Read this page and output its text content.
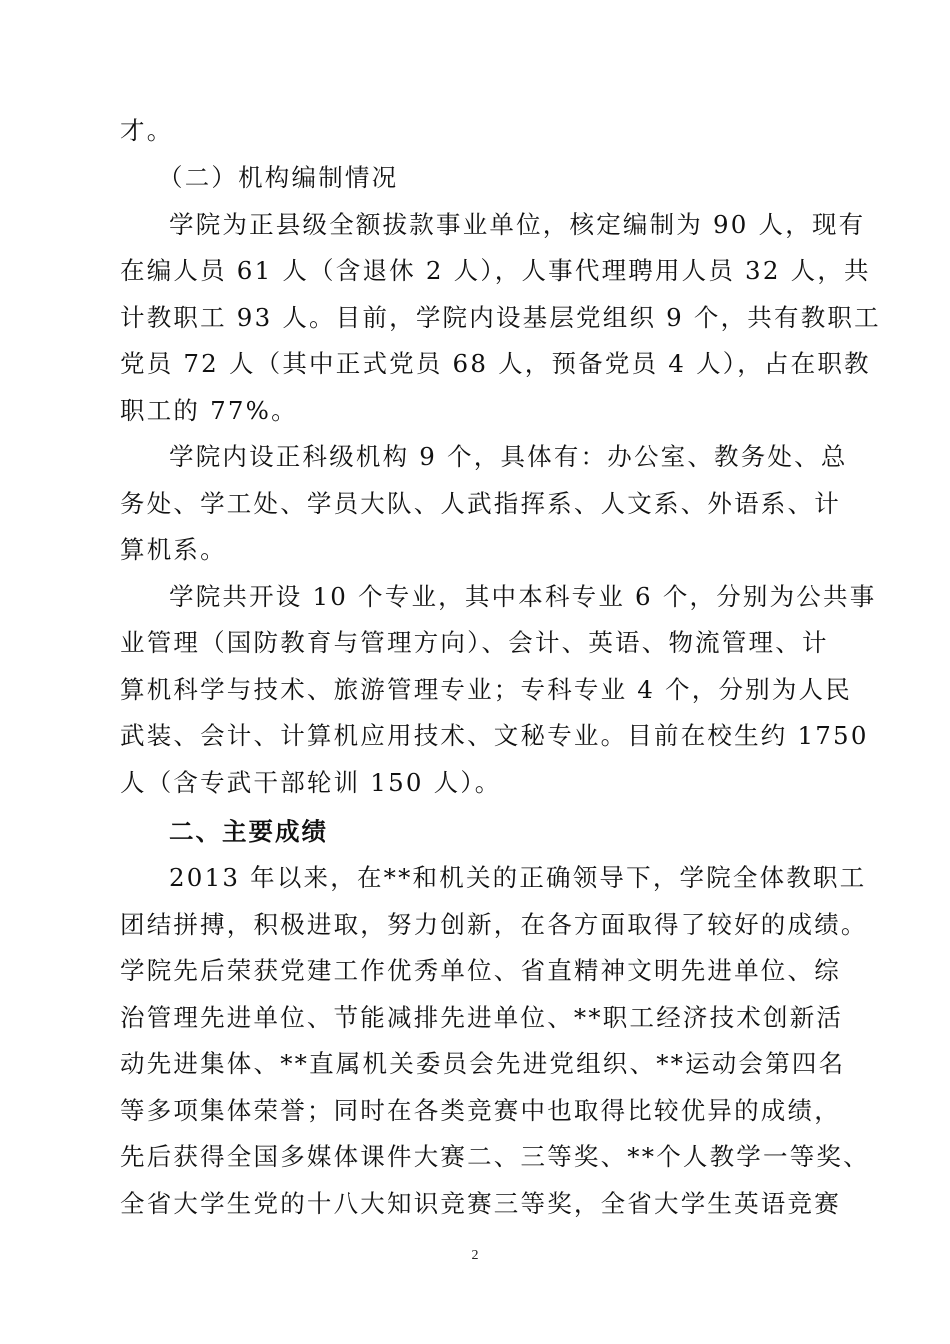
才。
（二）机构编制情况
学院为正县级全额拔款事业单位，核定编制为 90 人，现有
在编人员 61 人（含退休 2 人），人事代理聘用人员 32 人，共
计教职工 93 人。目前，学院内设基层党组织 9 个，共有教职工
党员 72 人（其中正式党员 68 人，预备党员 4 人），占在职教
职工的 77%。
学院内设正科级机构 9 个，具体有：办公室、教务处、总
务处、学工处、学员大队、人武指挥系、人文系、外语系、计
算机系。
学院共开设 10 个专业，其中本科专业 6 个，分别为公共事
业管理（国防教育与管理方向）、会计、英语、物流管理、计
算机科学与技术、旅游管理专业；专科专业 4 个，分别为人民
武装、会计、计算机应用技术、文秘专业。目前在校生约 1750
人（含专武干部轮训 150 人）。
二、主要成绩
2013 年以来，在**和机关的正确领导下，学院全体教职工
团结拼搏，积极进取，努力创新，在各方面取得了较好的成绩。
学院先后荣获党建工作优秀单位、省直精神文明先进单位、综
治管理先进单位、节能减排先进单位、**职工经济技术创新活
动先进集体、**直属机关委员会先进党组织、**运动会第四名
等多项集体荣誉；同时在各类竞赛中也取得比较优异的成绩，
先后获得全国多媒体课件大赛二、三等奖、**个人教学一等奖、
全省大学生党的十八大知识竞赛三等奖，全省大学生英语竞赛
2
